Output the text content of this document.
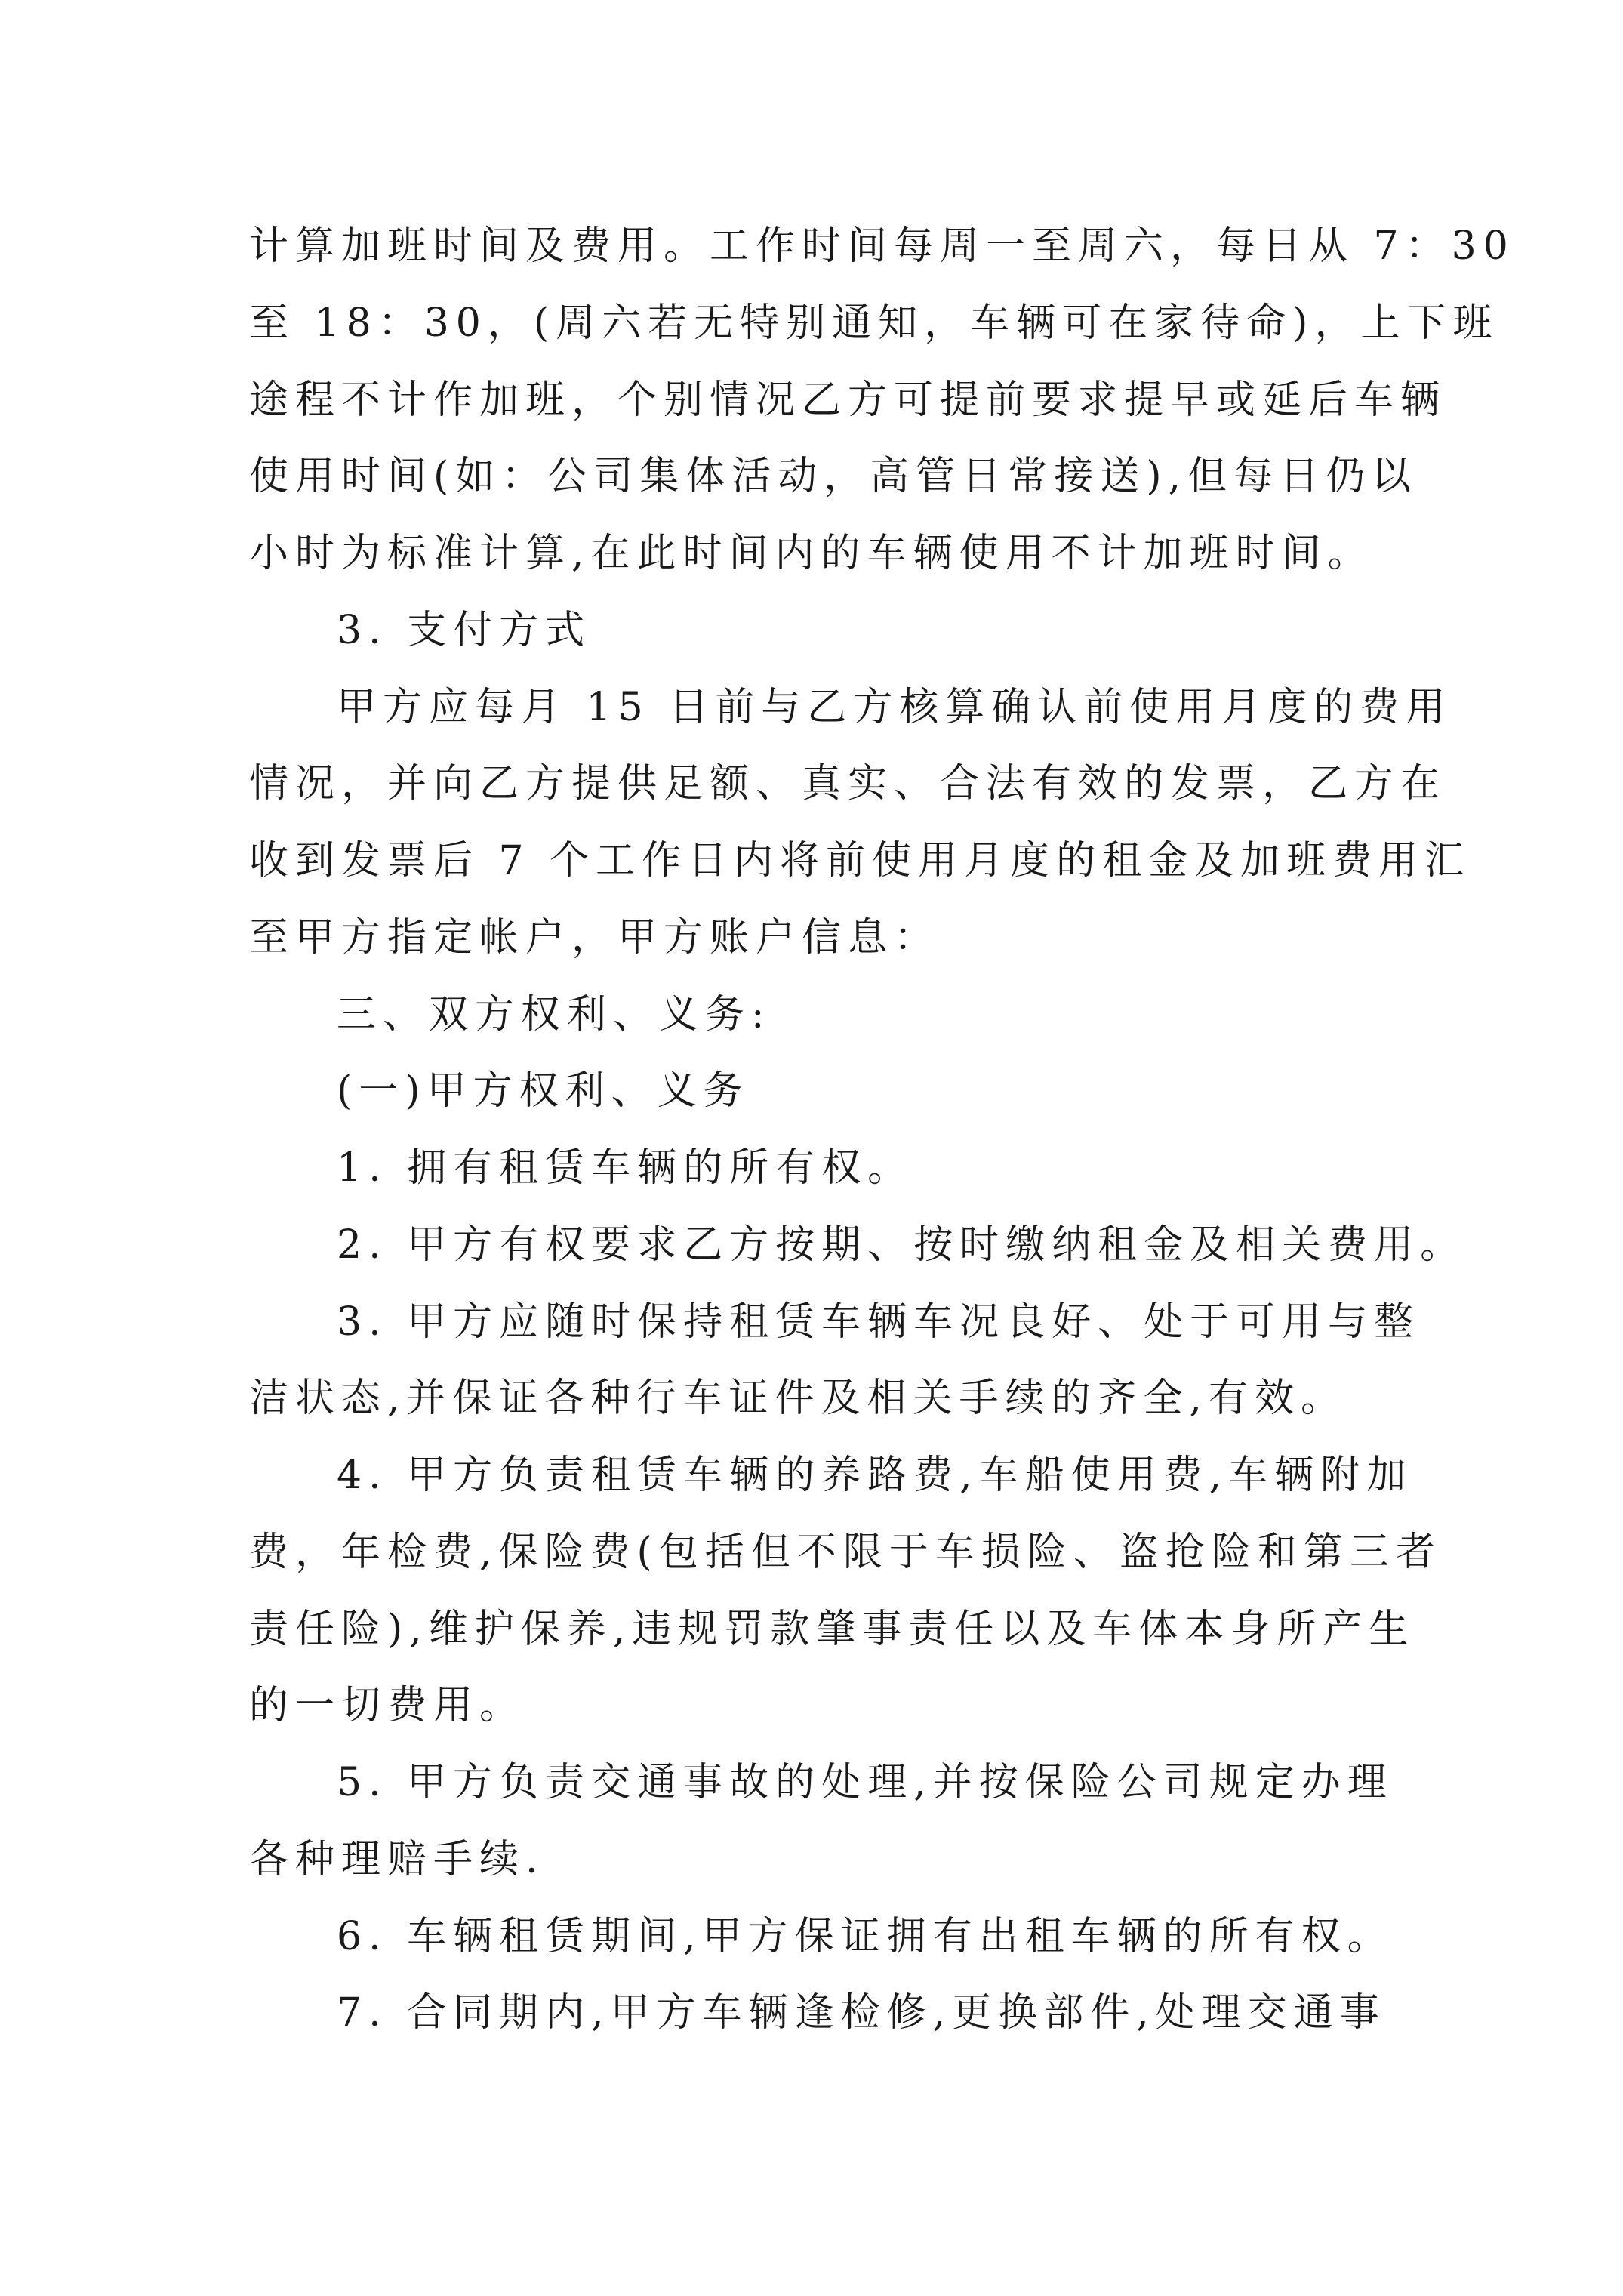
计算加班时间及费用。工作时间每周一至周六，每日从 7：30
至 18：30，(周六若无特别通知，车辆可在家待命)，上下班
途程不计作加班，个别情况乙方可提前要求提早或延后车辆
使用时间(如：公司集体活动，高管日常接送),但每日仍以
小时为标准计算,在此时间内的车辆使用不计加班时间。
3. 支付方式
甲方应每月 15 日前与乙方核算确认前使用月度的费用
情况，并向乙方提供足额、真实、合法有效的发票，乙方在
收到发票后 7 个工作日内将前使用月度的租金及加班费用汇
至甲方指定帐户，甲方账户信息：
三、双方权利、义务:
(一)甲方权利、义务
1. 拥有租赁车辆的所有权。
2. 甲方有权要求乙方按期、按时缴纳租金及相关费用。
3. 甲方应随时保持租赁车辆车况良好、处于可用与整
洁状态,并保证各种行车证件及相关手续的齐全,有效。
4. 甲方负责租赁车辆的养路费,车船使用费,车辆附加
费，年检费,保险费(包括但不限于车损险、盗抢险和第三者
责任险),维护保养,违规罚款肇事责任以及车体本身所产生
的一切费用。
5. 甲方负责交通事故的处理,并按保险公司规定办理
各种理赔手续.
6. 车辆租赁期间,甲方保证拥有出租车辆的所有权。
7. 合同期内,甲方车辆逢检修,更换部件,处理交通事
